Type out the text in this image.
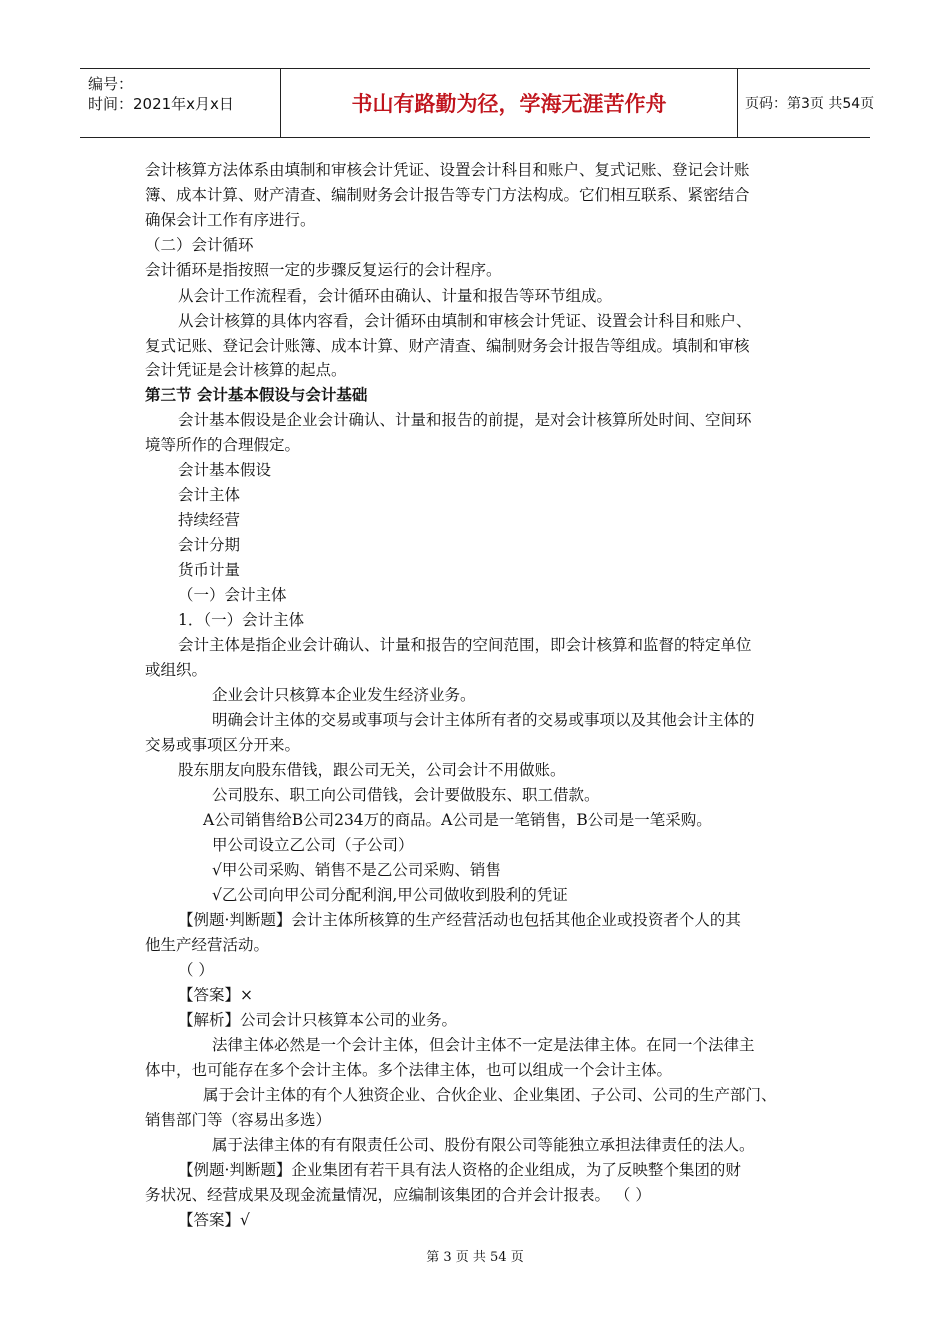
编号：
时间：2021年x月x日	书山有路勤为径，学海无涯苦作舟	页码：第3页 共54页
会计核算方法体系由填制和审核会计凭证、设置会计科目和账户、复式记账、登记会计账
簿、成本计算、财产清查、编制财务会计报告等专门方法构成。它们相互联系、紧密结合
确保会计工作有序进行。
（二）会计循环
会计循环是指按照一定的步骤反复运行的会计程序。
从会计工作流程看，会计循环由确认、计量和报告等环节组成。
从会计核算的具体内容看，会计循环由填制和审核会计凭证、设置会计科目和账户、
复式记账、登记会计账簿、成本计算、财产清查、编制财务会计报告等组成。填制和审核
会计凭证是会计核算的起点。
第三节 会计基本假设与会计基础
会计基本假设是企业会计确认、计量和报告的前提，是对会计核算所处时间、空间环
境等所作的合理假定。
会计基本假设
会计主体
持续经营
会计分期
货币计量
（一）会计主体
1．（一）会计主体
会计主体是指企业会计确认、计量和报告的空间范围，即会计核算和监督的特定单位
或组织。
企业会计只核算本企业发生经济业务。
明确会计主体的交易或事项与会计主体所有者的交易或事项以及其他会计主体的
交易或事项区分开来。
股东朋友向股东借钱，跟公司无关，公司会计不用做账。
公司股东、职工向公司借钱，会计要做股东、职工借款。
A公司销售给B公司234万的商品。A公司是一笔销售，B公司是一笔采购。
甲公司设立乙公司（子公司）
√甲公司采购、销售不是乙公司采购、销售
√乙公司向甲公司分配利润,甲公司做收到股利的凭证
【例题·判断题】会计主体所核算的生产经营活动也包括其他企业或投资者个人的其
他生产经营活动。
（ ）
【答案】×
【解析】公司会计只核算本公司的业务。
法律主体必然是一个会计主体，但会计主体不一定是法律主体。在同一个法律主
体中，也可能存在多个会计主体。多个法律主体，也可以组成一个会计主体。
属于会计主体的有个人独资企业、合伙企业、企业集团、子公司、公司的生产部门、
销售部门等（容易出多选）
属于法律主体的有有限责任公司、股份有限公司等能独立承担法律责任的法人。
【例题·判断题】企业集团有若干具有法人资格的企业组成，为了反映整个集团的财
务状况、经营成果及现金流量情况，应编制该集团的合并会计报表。 （ ）
【答案】√
第 3 页 共 54 页
